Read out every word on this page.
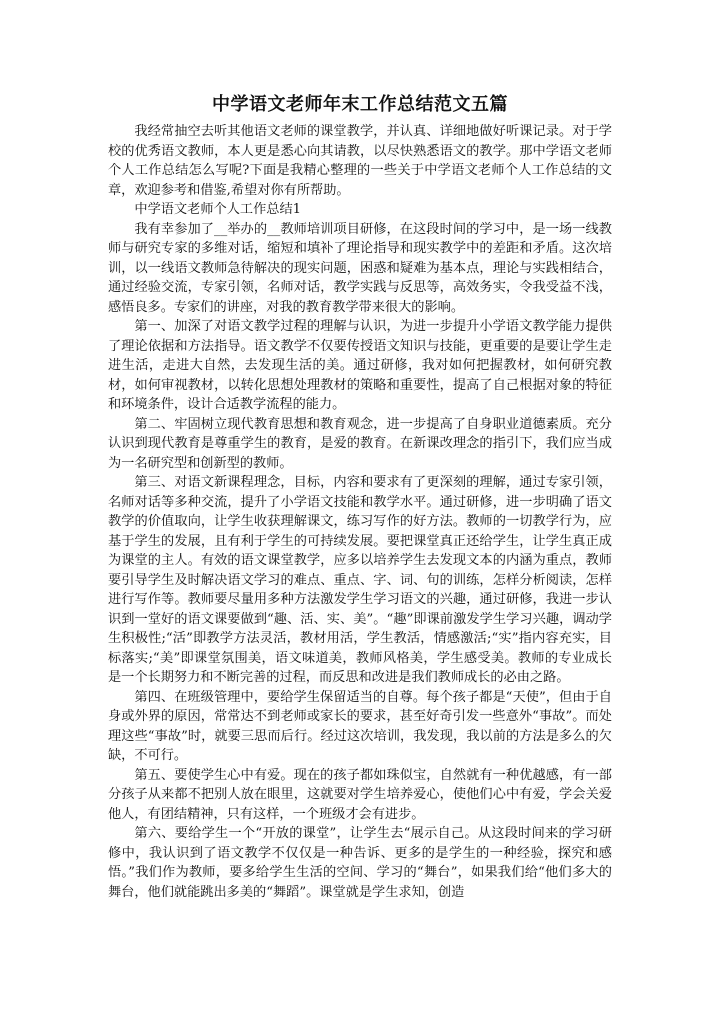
中学语文老师年末工作总结范文五篇

我经常抽空去听其他语文老师的课堂教学，并认真、详细地做好听课记录。对于学校的优秀语文教师，本人更是悉心向其请教，以尽快熟悉语文的教学。那中学语文老师个人工作总结怎么写呢?下面是我精心整理的一些关于中学语文老师个人工作总结的文章，欢迎参考和借鉴,希望对你有所帮助。

中学语文老师个人工作总结1

我有幸参加了__举办的__教师培训项目研修，在这段时间的学习中，是一场一线教师与研究专家的多维对话，缩短和填补了理论指导和现实教学中的差距和矛盾。这次培训，以一线语文教师急待解决的现实问题，困惑和疑难为基本点，理论与实践相结合，通过经验交流，专家引领，名师对话，教学实践与反思等，高效务实，令我受益不浅，感悟良多。专家们的讲座，对我的教育教学带来很大的影响。

第一、加深了对语文教学过程的理解与认识，为进一步提升小学语文教学能力提供了理论依据和方法指导。语文教学不仅要传授语文知识与技能，更重要的是要让学生走进生活，走进大自然，去发现生活的美。通过研修，我对如何把握教材，如何研究教材，如何审视教材，以转化思想处理教材的策略和重要性，提高了自己根据对象的特征和环境条件，设计合适教学流程的能力。

第二、牢固树立现代教育思想和教育观念，进一步提高了自身职业道德素质。充分认识到现代教育是尊重学生的教育，是爱的教育。在新课改理念的指引下，我们应当成为一名研究型和创新型的教师。

第三、对语文新课程理念，目标，内容和要求有了更深刻的理解，通过专家引领，名师对话等多种交流，提升了小学语文技能和教学水平。通过研修，进一步明确了语文教学的价值取向，让学生收获理解课文，练习写作的好方法。教师的一切教学行为，应基于学生的发展，且有利于学生的可持续发展。要把课堂真正还给学生，让学生真正成为课堂的主人。有效的语文课堂教学，应多以培养学生去发现文本的内涵为重点，教师要引导学生及时解决语文学习的难点、重点、字、词、句的训练，怎样分析阅读，怎样进行写作等。教师要尽量用多种方法激发学生学习语文的兴趣，通过研修，我进一步认识到一堂好的语文课要做到“趣、活、实、美”。“趣”即课前激发学生学习兴趣，调动学生积极性;“活”即教学方法灵活，教材用活，学生教活，情感激活;“实”指内容充实，目标落实;“美”即课堂氛围美，语文味道美，教师风格美，学生感受美。教师的专业成长是一个长期努力和不断完善的过程，而反思和改进是我们教师成长的必由之路。

第四、在班级管理中，要给学生保留适当的自尊。每个孩子都是“天使”，但由于自身或外界的原因，常常达不到老师或家长的要求，甚至好奇引发一些意外“事故”。而处理这些“事故”时，就要三思而后行。经过这次培训，我发现，我以前的方法是多么的欠缺，不可行。

第五、要使学生心中有爱。现在的孩子都如珠似宝，自然就有一种优越感，有一部分孩子从来都不把别人放在眼里，这就要对学生培养爱心，使他们心中有爱，学会关爱他人，有团结精神，只有这样，一个班级才会有进步。

第六、要给学生一个“开放的课堂”，让学生去“展示自己。从这段时间来的学习研修中，我认识到了语文教学不仅仅是一种告诉、更多的是学生的一种经验，探究和感悟。”我们作为教师，要多给学生生活的空间、学习的“舞台”，如果我们给“他们多大的舞台，他们就能跳出多美的“舞蹈”。课堂就是学生求知，创造
